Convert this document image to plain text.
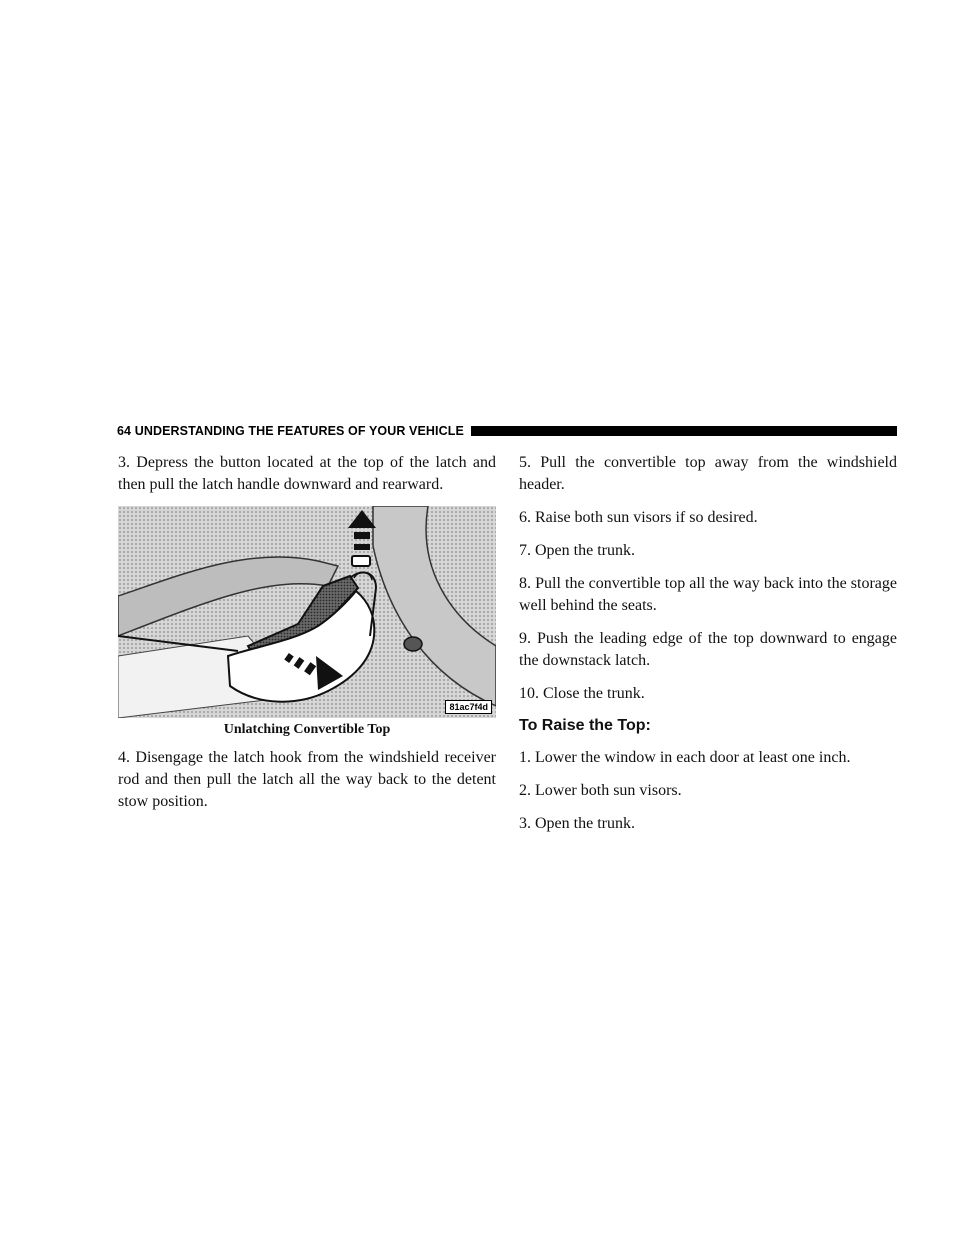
64 UNDERSTANDING THE FEATURES OF YOUR VEHICLE

3. Depress the button located at the top of the latch and then pull the latch handle downward and rearward.

81ac7f4d
Unlatching Convertible Top

4. Disengage the latch hook from the windshield receiver rod and then pull the latch all the way back to the detent stow position.

5. Pull the convertible top away from the windshield header.

6. Raise both sun visors if so desired.

7. Open the trunk.

8. Pull the convertible top all the way back into the storage well behind the seats.

9. Push the leading edge of the top downward to engage the downstack latch.

10. Close the trunk.

To Raise the Top:

1. Lower the window in each door at least one inch.

2. Lower both sun visors.

3. Open the trunk.
